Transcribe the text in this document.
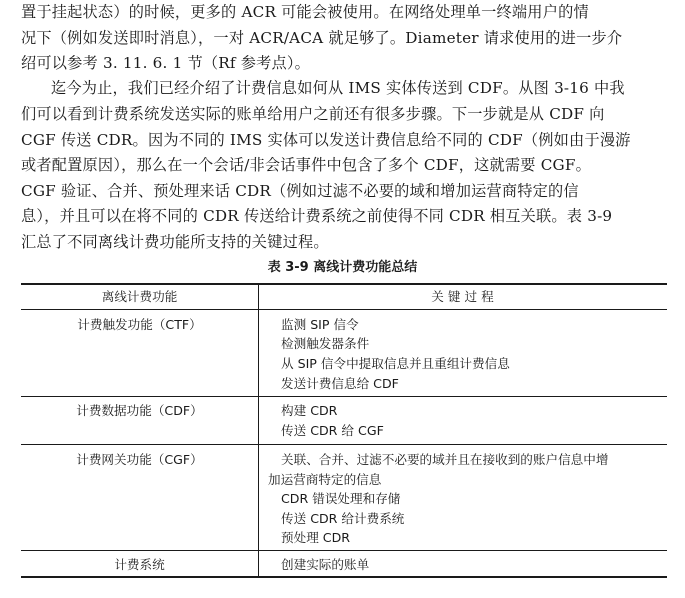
置于挂起状态）的时候，更多的 ACR 可能会被使用。在网络处理单一终端用户的情
况下（例如发送即时消息），一对 ACR/ACA 就足够了。Diameter 请求使用的进一步介
绍可以参考 3. 11. 6. 1 节（Rf 参考点）。
迄今为止，我们已经介绍了计费信息如何从 IMS 实体传送到 CDF。从图 3-16 中我
们可以看到计费系统发送实际的账单给用户之前还有很多步骤。下一步就是从 CDF 向
CGF 传送 CDR。因为不同的 IMS 实体可以发送计费信息给不同的 CDF（例如由于漫游
或者配置原因），那么在一个会话/非会话事件中包含了多个 CDF，这就需要 CGF。
CGF 验证、合并、预处理来话 CDR（例如过滤不必要的域和增加运营商特定的信
息），并且可以在将不同的 CDR 传送给计费系统之前使得不同 CDR 相互关联。表 3-9
汇总了不同离线计费功能所支持的关键过程。
表 3-9 离线计费功能总结
离线计费功能	关 键 过 程
计费触发功能（CTF）	监测 SIP 信令
检测触发器条件
从 SIP 信令中提取信息并且重组计费信息
发送计费信息给 CDF
计费数据功能（CDF）	构建 CDR
传送 CDR 给 CGF
计费网关功能（CGF）	关联、合并、过滤不必要的域并且在接收到的账户信息中增
加运营商特定的信息
CDR 错误处理和存储
传送 CDR 给计费系统
预处理 CDR
计费系统	创建实际的账单
